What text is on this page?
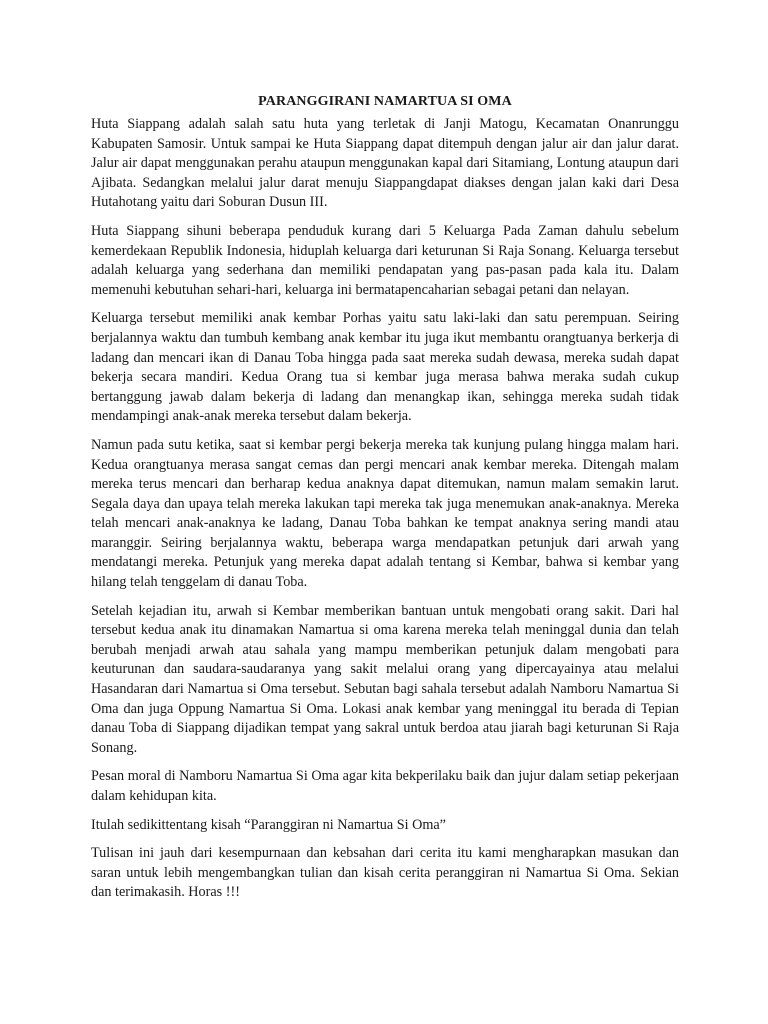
PARANGGIRANI NAMARTUA SI OMA

Huta Siappang adalah salah satu huta yang terletak di Janji Matogu, Kecamatan Onanrunggu Kabupaten Samosir. Untuk sampai ke Huta Siappang dapat ditempuh dengan jalur air dan jalur darat. Jalur air dapat menggunakan perahu ataupun menggunakan kapal dari Sitamiang, Lontung ataupun dari Ajibata. Sedangkan melalui jalur darat menuju Siappangdapat diakses dengan jalan kaki dari Desa Hutahotang yaitu dari Soburan Dusun III.

Huta Siappang sihuni beberapa penduduk kurang dari 5 Keluarga Pada Zaman dahulu sebelum kemerdekaan Republik Indonesia, hiduplah keluarga dari keturunan Si Raja Sonang. Keluarga tersebut adalah keluarga yang sederhana dan memiliki pendapatan yang pas-pasan pada kala itu. Dalam memenuhi kebutuhan sehari-hari, keluarga ini bermatapencaharian sebagai petani dan nelayan.

Keluarga tersebut memiliki anak kembar Porhas yaitu satu laki-laki dan satu perempuan. Seiring berjalannya waktu dan tumbuh kembang anak kembar itu juga ikut membantu orangtuanya berkerja di ladang dan mencari ikan di Danau Toba hingga pada saat mereka sudah dewasa, mereka sudah dapat bekerja secara mandiri. Kedua Orang tua si kembar juga merasa bahwa meraka sudah cukup bertanggung jawab dalam bekerja di ladang dan menangkap ikan, sehingga mereka sudah tidak mendampingi anak-anak mereka tersebut dalam bekerja.

Namun pada sutu ketika, saat si kembar pergi bekerja mereka tak kunjung pulang hingga malam hari. Kedua orangtuanya merasa sangat cemas dan pergi mencari anak kembar mereka. Ditengah malam mereka terus mencari dan berharap kedua anaknya dapat ditemukan, namun malam semakin larut. Segala daya dan upaya telah mereka lakukan tapi mereka tak juga menemukan anak-anaknya. Mereka telah mencari anak-anaknya ke ladang, Danau Toba bahkan ke tempat anaknya sering mandi atau maranggir. Seiring berjalannya waktu, beberapa warga mendapatkan petunjuk dari arwah yang mendatangi mereka. Petunjuk yang mereka dapat adalah tentang si Kembar, bahwa si kembar yang hilang telah tenggelam di danau Toba.

Setelah kejadian itu, arwah si Kembar memberikan bantuan untuk mengobati orang sakit. Dari hal tersebut kedua anak itu dinamakan Namartua si oma karena mereka telah meninggal dunia dan telah berubah menjadi arwah atau sahala yang mampu memberikan petunjuk dalam mengobati para keuturunan dan saudara-saudaranya yang sakit melalui orang yang dipercayainya atau melalui Hasandaran dari Namartua si Oma tersebut. Sebutan bagi sahala tersebut adalah Namboru Namartua Si Oma dan juga Oppung Namartua Si Oma. Lokasi anak kembar yang meninggal itu berada di Tepian danau Toba di Siappang dijadikan tempat yang sakral untuk berdoa atau jiarah bagi keturunan Si Raja Sonang.

Pesan moral di Namboru Namartua Si Oma agar kita bekperilaku baik dan jujur dalam setiap pekerjaan dalam kehidupan kita.

Itulah sedikittentang kisah “Paranggiran ni Namartua Si Oma”

Tulisan ini jauh dari kesempurnaan dan kebsahan dari cerita itu kami mengharapkan masukan dan saran untuk lebih mengembangkan tulian dan kisah cerita peranggiran ni Namartua Si Oma. Sekian dan terimakasih. Horas !!!
